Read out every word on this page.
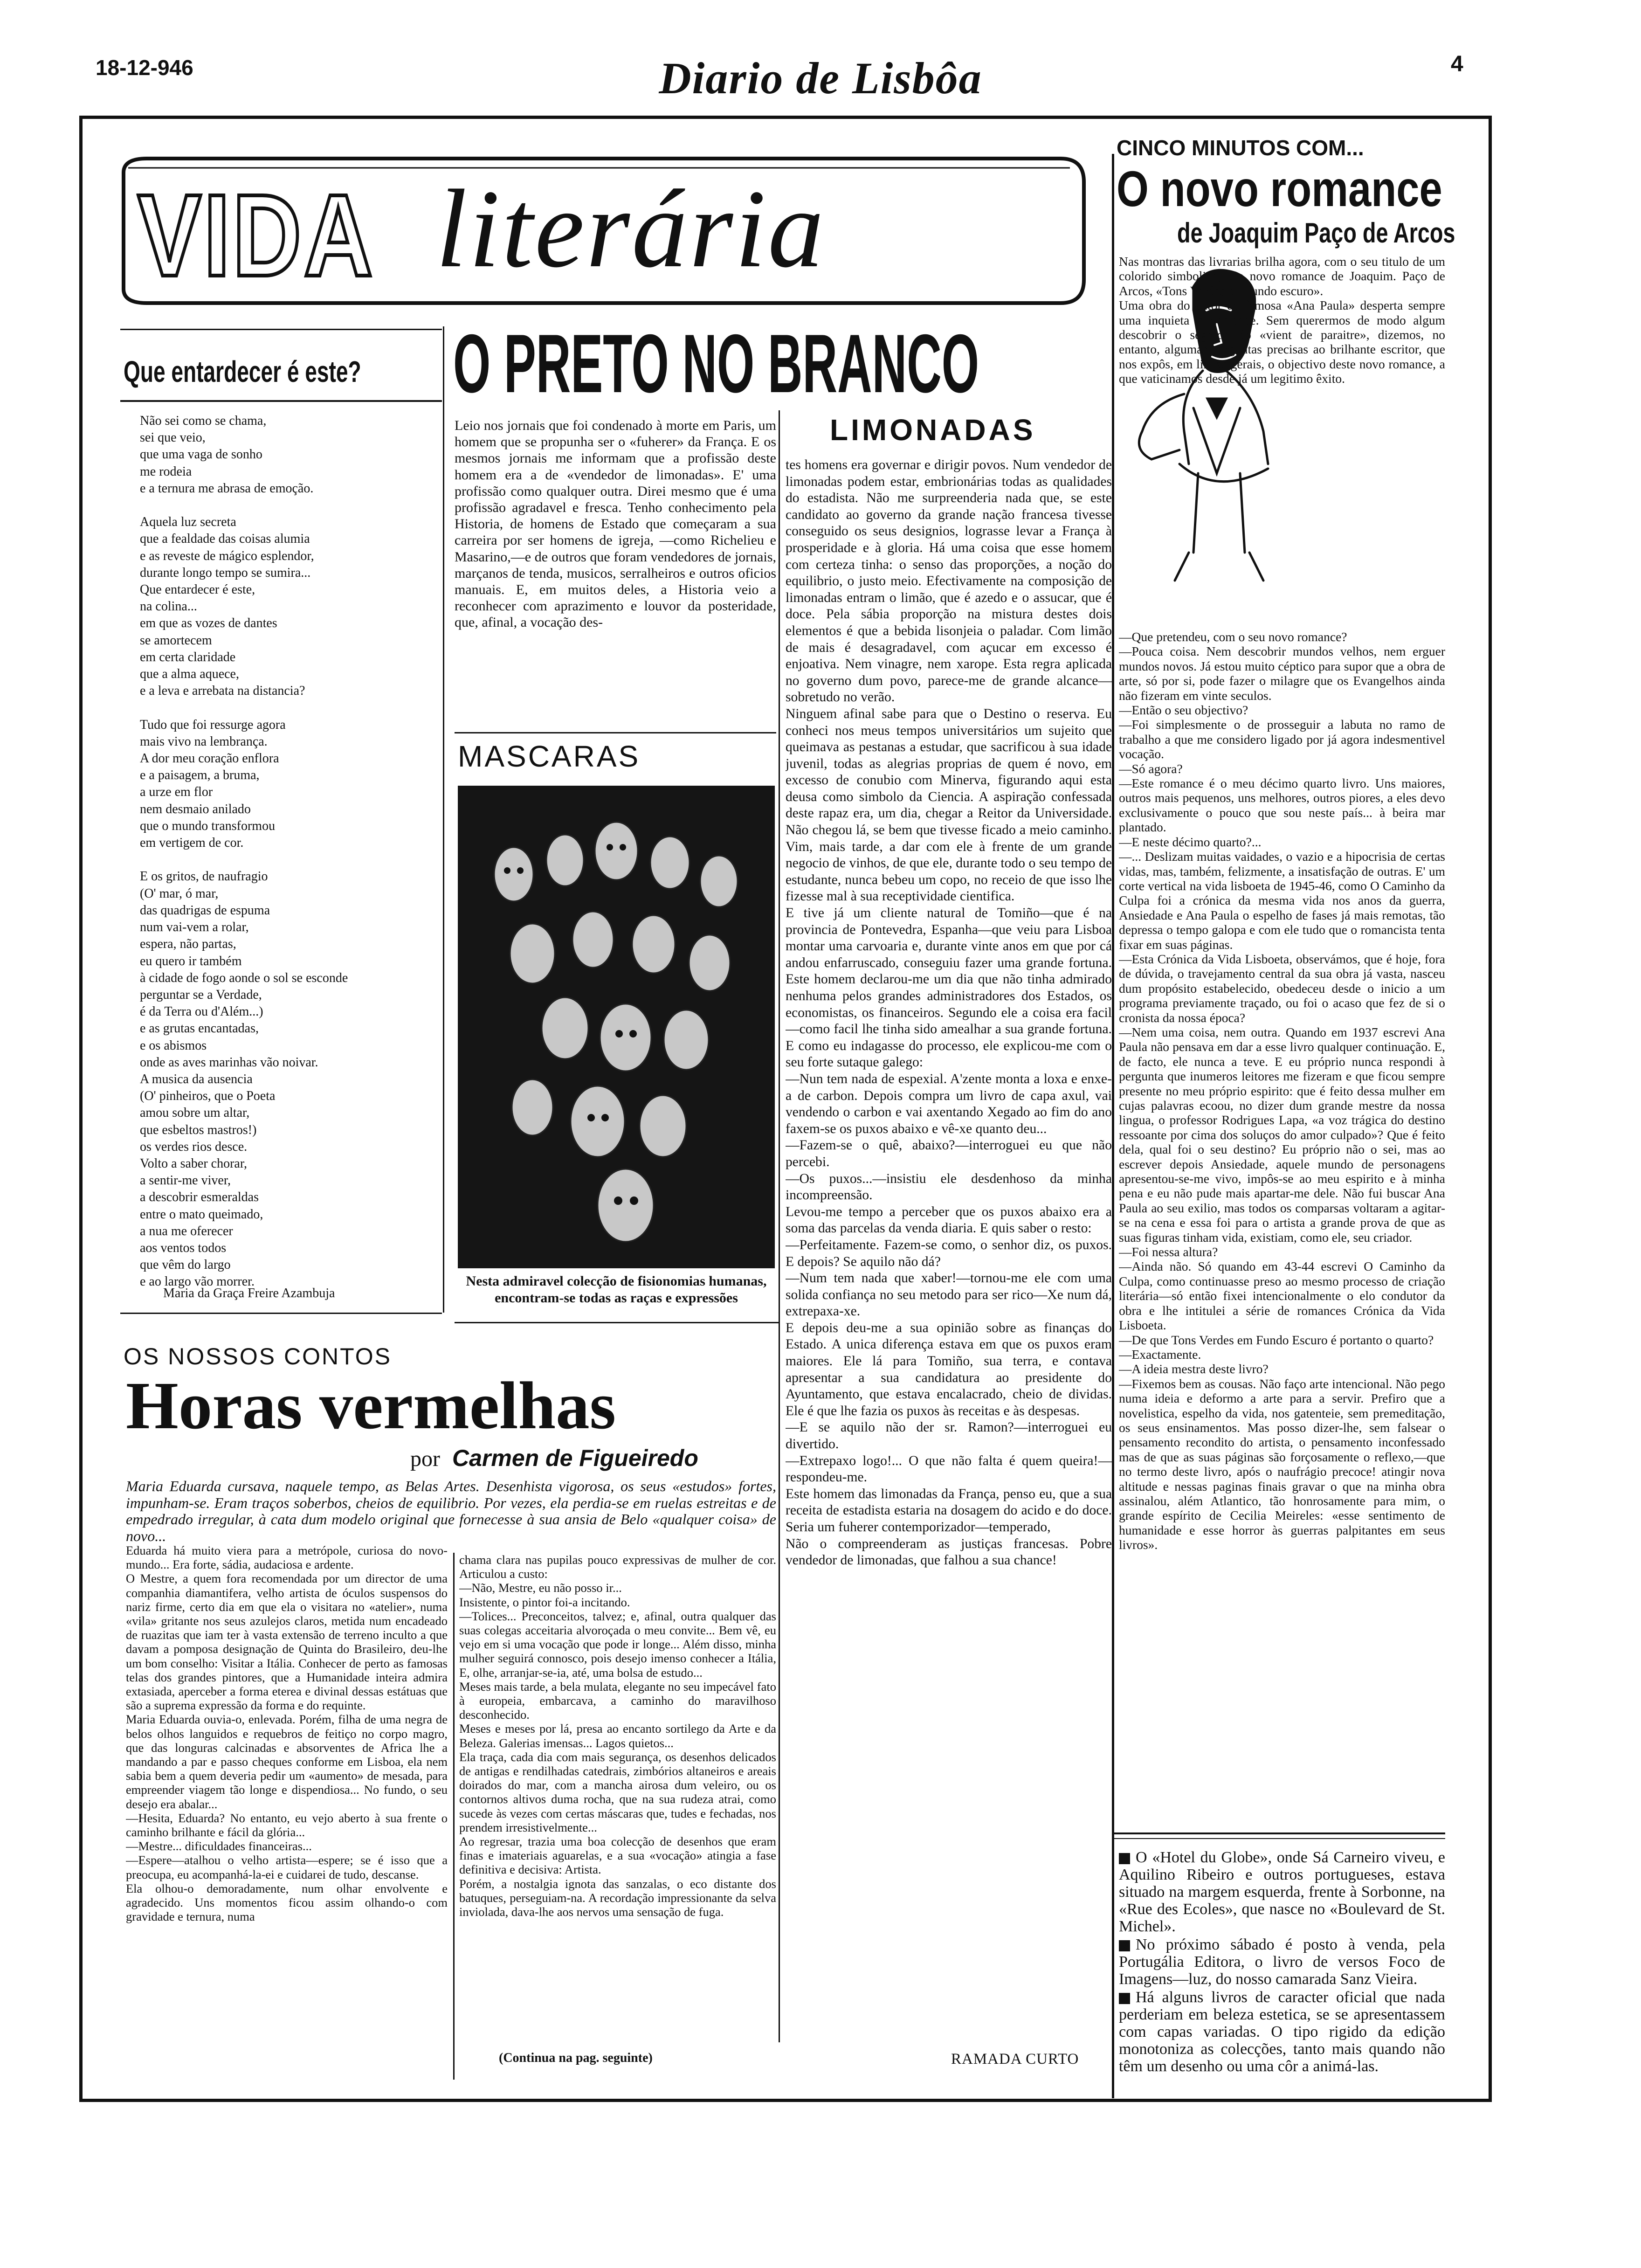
18-12-946	Diario de Lisbôa	4
VIDA literária
Que entardecer é este?
Não sei como se chama,
sei que veio,
que uma vaga de sonho
me rodeia
e a ternura me abrasa de emoção.

Aquela luz secreta
que a fealdade das coisas alumia
e as reveste de mágico esplendor,
durante longo tempo se sumira...
Que entardecer é este,
na colina...
em que as vozes de dantes
se amortecem
em certa claridade
que a alma aquece,
e a leva e arrebata na distancia?

Tudo que foi ressurge agora
mais vivo na lembrança.
A dor meu coração enflora
e a paisagem, a bruma,
a urze em flor
nem desmaio anilado
que o mundo transformou
em vertigem de cor.

E os gritos, de naufragio
(O' mar, ó mar,
das quadrigas de espuma
num vai-vem a rolar,
espera, não partas,
eu quero ir também
à cidade de fogo aonde o sol se esconde
perguntar se a Verdade,
é da Terra ou d'Além...)
e as grutas encantadas,
e os abismos
onde as aves marinhas vão noivar.
A musica da ausencia
(O' pinheiros, que o Poeta
amou sobre um altar,
que esbeltos mastros!)
os verdes rios desce.
Volto a saber chorar,
a sentir-me viver,
a descobrir esmeraldas
entre o mato queimado,
a nua me oferecer
aos ventos todos
que vêm do largo
e ao largo vão morrer.
Maria da Graça Freire Azambuja
O PRETO NO BRANCO
LIMONADAS
Leio nos jornais que foi condenado à morte em Paris, um homem que se propunha ser o «fuherer» da França. E os mesmos jornais me informam que a profissão deste homem era a de «vendedor de limonadas». E' uma profissão como qualquer outra. Direi mesmo que é uma profissão agradavel e fresca. Tenho conhecimento pela Historia, de homens de Estado que começaram a sua carreira por ser homens de igreja, —como Richelieu e Masarino,—e de outros que foram vendedores de jornais, marçanos de tenda, musicos, serralheiros e outros oficios manuais. E, em muitos deles, a Historia veio a reconhecer com aprazimento e louvor da posteridade, que, afinal, a vocação des-
tes homens era governar e dirigir povos. Num vendedor de limonadas podem estar, embrionárias todas as qualidades do estadista. Não me surpreenderia nada que, se este candidato ao governo da grande nação francesa tivesse conseguido os seus designios, lograsse levar a França à prosperidade e à gloria. Há uma coisa que esse homem com certeza tinha: o senso das proporções, a noção do equilibrio, o justo meio. Efectivamente na composição de limonadas entram o limão, que é azedo e o assucar, que é doce. Pela sábia proporção na mistura destes dois elementos é que a bebida lisonjeia o paladar. Com limão de mais é desagradavel, com açucar em excesso é enjoativa. Nem vinagre, nem xarope. Esta regra aplicada no governo dum povo, parece-me de grande alcance—sobretudo no verão.
Ninguem afinal sabe para que o Destino o reserva. Eu conheci nos meus tempos universitários um sujeito que queimava as pestanas a estudar, que sacrificou à sua idade juvenil, todas as alegrias proprias de quem é novo, em excesso de conubio com Minerva, figurando aqui esta deusa como simbolo da Ciencia. A aspiração confessada deste rapaz era, um dia, chegar a Reitor da Universidade. Não chegou lá, se bem que tivesse ficado a meio caminho. Vim, mais tarde, a dar com ele à frente de um grande negocio de vinhos, de que ele, durante todo o seu tempo de estudante, nunca bebeu um copo, no receio de que isso lhe fizesse mal à sua receptividade cientifica.
E tive já um cliente natural de Tomiño—que é na provincia de Pontevedra, Espanha—que veiu para Lisboa montar uma carvoaria e, durante vinte anos em que por cá andou enfarruscado, conseguiu fazer uma grande fortuna. Este homem declarou-me um dia que não tinha admirado nenhuma pelos grandes administradores dos Estados, os economistas, os financeiros. Segundo ele a coisa era facil—como facil lhe tinha sido amealhar a sua grande fortuna. E como eu indagasse do processo, ele explicou-me com o seu forte sutaque galego:
—Nun tem nada de espexial. A'zente monta a loxa e enxe-a de carbon. Depois compra um livro de capa axul, vai vendendo o carbon e vai axentando Xegado ao fim do ano faxem-se os puxos abaixo e vê-xe quanto deu...
—Fazem-se o quê, abaixo?—interroguei eu que não percebi.
—Os puxos...—insistiu ele desdenhoso da minha incompreensão.
Levou-me tempo a perceber que os puxos abaixo era a soma das parcelas da venda diaria. E quis saber o resto:
—Perfeitamente. Fazem-se como, o senhor diz, os puxos. E depois? Se aquilo não dá?
—Num tem nada que xaber!—tornou-me ele com uma solida confiança no seu metodo para ser rico—Xe num dá, extrepaxa-xe.
E depois deu-me a sua opinião sobre as finanças do Estado. A unica diferença estava em que os puxos eram maiores. Ele lá para Tomiño, sua terra, e contava apresentar a sua candidatura ao presidente do Ayuntamento, que estava encalacrado, cheio de dividas. Ele é que lhe fazia os puxos às receitas e às despesas.
—E se aquilo não der sr. Ramon?—interroguei eu divertido.
—Extrepaxo logo!... O que não falta é quem queira!—respondeu-me.
Este homem das limonadas da França, penso eu, que a sua receita de estadista estaria na dosagem do acido e do doce. Seria um fuherer contemporizador—temperado,
Não o compreenderam as justiças francesas. Pobre vendedor de limonadas, que falhou a sua chance!
RAMADA CURTO
MASCARAS
Nesta admiravel colecção de fisionomias humanas, encontram-se todas as raças e expressões
OS NOSSOS CONTOS
Horas vermelhas
por Carmen de Figueiredo
Maria Eduarda cursava, naquele tempo, as Belas Artes. Desenhista vigorosa, os seus «estudos» fortes, impunham-se. Eram traços soberbos, cheios de equilibrio. Por vezes, ela perdia-se em ruelas estreitas e de empedrado irregular, à cata dum modelo original que fornecesse à sua ansia de Belo «qualquer coisa» de novo...
Eduarda há muito viera para a metrópole, curiosa do novo-mundo... Era forte, sádia, audaciosa e ardente.
O Mestre, a quem fora recomendada por um director de uma companhia diamantifera, velho artista de óculos suspensos do nariz firme, certo dia em que ela o visitara no «atelier», numa «vila» gritante nos seus azulejos claros, metida num encadeado de ruazitas que iam ter à vasta extensão de terreno inculto a que davam a pomposa designação de Quinta do Brasileiro, deu-lhe um bom conselho: Visitar a Itália. Conhecer de perto as famosas telas dos grandes pintores, que a Humanidade inteira admira extasiada, aperceber a forma eterea e divinal dessas estátuas que são a suprema expressão da forma e do requinte.
Maria Eduarda ouvia-o, enlevada. Porém, filha de uma negra de belos olhos languidos e requebros de feitiço no corpo magro, que das longuras calcinadas e absorventes de Africa lhe a mandando a par e passo cheques conforme em Lisboa, ela nem sabia bem a quem deveria pedir um «aumento» de mesada, para empreender viagem tão longe e dispendiosa... No fundo, o seu desejo era abalar...
—Hesita, Eduarda? No entanto, eu vejo aberto à sua frente o caminho brilhante e fácil da glória...
—Mestre... dificuldades financeiras...
—Espere—atalhou o velho artista—espere; se é isso que a preocupa, eu acompanhá-la-ei e cuidarei de tudo, descanse.
Ela olhou-o demoradamente, num olhar envolvente e agradecido. Uns momentos ficou assim olhando-o com gravidade e ternura, numa
chama clara nas pupilas pouco expressivas de mulher de cor. Articulou a custo:
—Não, Mestre, eu não posso ir...
Insistente, o pintor foi-a incitando.
—Tolices... Preconceitos, talvez; e, afinal, outra qualquer das suas colegas acceitaria alvoroçada o meu convite... Bem vê, eu vejo em si uma vocação que pode ir longe... Além disso, minha mulher seguirá connosco, pois desejo imenso conhecer a Itália, E, olhe, arranjar-se-ia, até, uma bolsa de estudo...
Meses mais tarde, a bela mulata, elegante no seu impecável fato à europeia, embarcava, a caminho do maravilhoso desconhecido.
Meses e meses por lá, presa ao encanto sortilego da Arte e da Beleza. Galerias imensas... Lagos quietos...
Ela traça, cada dia com mais segurança, os desenhos delicados de antigas e rendilhadas catedrais, zimbórios altaneiros e areais doirados do mar, com a mancha airosa dum veleiro, ou os contornos altivos duma rocha, que na sua rudeza atrai, como sucede às vezes com certas máscaras que, tudes e fechadas, nos prendem irresistivelmente...
Ao regresar, trazia uma boa colecção de desenhos que eram finas e imateriais aguarelas, e a sua «vocação» atingia a fase definitiva e decisiva: Artista.
Porém, a nostalgia ignota das sanzalas, o eco distante dos batuques, perseguiam-na. A recordação impressionante da selva inviolada, dava-lhe aos nervos uma sensação de fuga.
(Continua na pag. seguinte)
CINCO MINUTOS COM...
O novo romance
de Joaquim Paço de Arcos
Nas montras das livrarias brilha agora, com o seu titulo de um colorido simbolico, um novo romance de Joaquim. Paço de Arcos, «Tons Verdes em fundo escuro».
Uma obra do autor da famosa «Ana Paula» desperta sempre uma inquieta curiosidade. Sem querermos de modo algum descobrir o segredo do «vient de paraitre», dizemos, no entanto, algumas perguntas precisas ao brilhante escritor, que nos expôs, em linhas gerais, o objectivo deste novo romance, a que vaticinamos desde já um legitimo êxito.
—Que pretendeu, com o seu novo romance?
—Pouca coisa. Nem descobrir mundos velhos, nem erguer mundos novos. Já estou muito céptico para supor que a obra de arte, só por si, pode fazer o milagre que os Evangelhos ainda não fizeram em vinte seculos.
—Então o seu objectivo?
—Foi simplesmente o de prosseguir a labuta no ramo de trabalho a que me considero ligado por já agora indesmentivel vocação.
—Só agora?
—Este romance é o meu décimo quarto livro. Uns maiores, outros mais pequenos, uns melhores, outros piores, a eles devo exclusivamente o pouco que sou neste país... à beira mar plantado.
—E neste décimo quarto?...
—... Deslizam muitas vaidades, o vazio e a hipocrisia de certas vidas, mas, também, felizmente, a insatisfação de outras. E' um corte vertical na vida lisboeta de 1945-46, como O Caminho da Culpa foi a crónica da mesma vida nos anos da guerra, Ansiedade e Ana Paula o espelho de fases já mais remotas, tão depressa o tempo galopa e com ele tudo que o romancista tenta fixar em suas páginas.
—Esta Crónica da Vida Lisboeta, observámos, que é hoje, fora de dúvida, o travejamento central da sua obra já vasta, nasceu dum propósito estabelecido, obedeceu desde o inicio a um programa previamente traçado, ou foi o acaso que fez de si o cronista da nossa época?
—Nem uma coisa, nem outra. Quando em 1937 escrevi Ana Paula não pensava em dar a esse livro qualquer continuação. E, de facto, ele nunca a teve. E eu próprio nunca respondi à pergunta que inumeros leitores me fizeram e que ficou sempre presente no meu próprio espirito: que é feito dessa mulher em cujas palavras ecoou, no dizer dum grande mestre da nossa lingua, o professor Rodrigues Lapa, «a voz trágica do destino ressoante por cima dos soluços do amor culpado»? Que é feito dela, qual foi o seu destino? Eu próprio não o sei, mas ao escrever depois Ansiedade, aquele mundo de personagens apresentou-se-me vivo, impôs-se ao meu espirito e à minha pena e eu não pude mais apartar-me dele. Não fui buscar Ana Paula ao seu exilio, mas todos os comparsas voltaram a agitar-se na cena e essa foi para o artista a grande prova de que as suas figuras tinham vida, existiam, como ele, seu criador.
—Foi nessa altura?
—Ainda não. Só quando em 43-44 escrevi O Caminho da Culpa, como continuasse preso ao mesmo processo de criação literária—só então fixei intencionalmente o elo condutor da obra e lhe intitulei a série de romances Crónica da Vida Lisboeta.
—De que Tons Verdes em Fundo Escuro é portanto o quarto?
—Exactamente.
—A ideia mestra deste livro?
—Fixemos bem as cousas. Não faço arte intencional. Não pego numa ideia e deformo a arte para a servir. Prefiro que a novelistica, espelho da vida, nos gatenteie, sem premeditação, os seus ensinamentos. Mas posso dizer-lhe, sem falsear o pensamento recondito do artista, o pensamento inconfessado mas de que as suas páginas são forçosamente o reflexo,—que no termo deste livro, após o naufrágio precoce! atingir nova altitude e nessas paginas finais gravar o que na minha obra assinalou, além Atlantico, tão honrosamente para mim, o grande espírito de Cecilia Meireles: «esse sentimento de humanidade e esse horror às guerras palpitantes em seus livros».
O «Hotel du Globe», onde Sá Carneiro viveu, e Aquilino Ribeiro e outros portugueses, estava situado na margem esquerda, frente à Sorbonne, na «Rue des Ecoles», que nasce no «Boulevard de St. Michel».
No próximo sábado é posto à venda, pela Portugália Editora, o livro de versos Foco de Imagens—luz, do nosso camarada Sanz Vieira.
Há alguns livros de caracter oficial que nada perderiam em beleza estetica, se se apresentassem com capas variadas. O tipo rigido da edição monotoniza as colecções, tanto mais quando não têm um desenho ou uma côr a animá-las.
